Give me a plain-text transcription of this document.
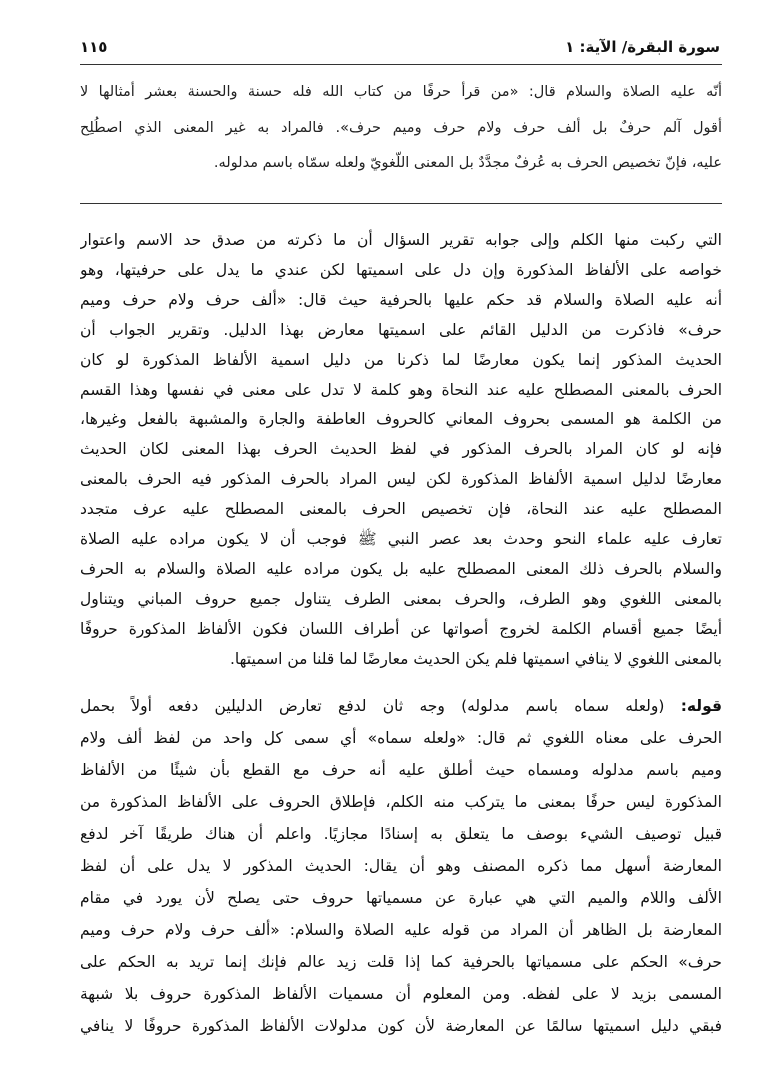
سورة البقرة/ الآية: ١
١١٥
أنّه عليه الصلاة والسلام قال: «من قرأ حرفًا من كتاب الله فله حسنة والحسنة بعشر أمثالها لا
أقول آلم حرفٌ بل ألف حرف ولام حرف وميم حرف». فالمراد به غير المعنى الذي اصطُلِح
عليه، فإنّ تخصيص الحرف به عُرفٌ مجدَّدٌ بل المعنى اللّغويّ ولعله سمّاه باسم مدلوله.
التي ركبت منها الكلم وإلى جوابه تقرير السؤال أن ما ذكرته من صدق حد الاسم واعتوار
خواصه على الألفاظ المذكورة وإن دل على اسميتها لكن عندي ما يدل على حرفيتها، وهو
أنه عليه الصلاة والسلام قد حكم عليها بالحرفية حيث قال: «ألف حرف ولام حرف وميم
حرف» فاذكرت من الدليل القائم على اسميتها معارض بهذا الدليل. وتقرير الجواب أن
الحديث المذكور إنما يكون معارضًا لما ذكرنا من دليل اسمية الألفاظ المذكورة لو كان
الحرف بالمعنى المصطلح عليه عند النحاة وهو كلمة لا تدل على معنى في نفسها وهذا القسم
من الكلمة هو المسمى بحروف المعاني كالحروف العاطفة والجارة والمشبهة بالفعل وغيرها،
فإنه لو كان المراد بالحرف المذكور في لفظ الحديث الحرف بهذا المعنى لكان الحديث
معارضًا لدليل اسمية الألفاظ المذكورة لكن ليس المراد بالحرف المذكور فيه الحرف بالمعنى
المصطلح عليه عند النحاة، فإن تخصيص الحرف بالمعنى المصطلح عليه عرف متجدد
تعارف عليه علماء النحو وحدث بعد عصر النبي ﷺ فوجب أن لا يكون مراده عليه الصلاة
والسلام بالحرف ذلك المعنى المصطلح عليه بل يكون مراده عليه الصلاة والسلام به الحرف
بالمعنى اللغوي وهو الطرف، والحرف بمعنى الطرف يتناول جميع حروف المباني ويتناول
أيضًا جميع أقسام الكلمة لخروج أصواتها عن أطراف اللسان فكون الألفاظ المذكورة حروفًا
بالمعنى اللغوي لا ينافي اسميتها فلم يكن الحديث معارضًا لما قلنا من اسميتها.
قوله: (ولعله سماه باسم مدلوله) وجه ثان لدفع تعارض الدليلين دفعه أولاً بحمل
الحرف على معناه اللغوي ثم قال: «ولعله سماه» أي سمى كل واحد من لفظ ألف ولام
وميم باسم مدلوله ومسماه حيث أطلق عليه أنه حرف مع القطع بأن شيئًا من الألفاظ
المذكورة ليس حرفًا بمعنى ما يتركب منه الكلم، فإطلاق الحروف على الألفاظ المذكورة من
قبيل توصيف الشيء بوصف ما يتعلق به إسنادًا مجازيًا. واعلم أن هناك طريقًا آخر لدفع
المعارضة أسهل مما ذكره المصنف وهو أن يقال: الحديث المذكور لا يدل على أن لفظ
الألف واللام والميم التي هي عبارة عن مسمياتها حروف حتى يصلح لأن يورد في مقام
المعارضة بل الظاهر أن المراد من قوله عليه الصلاة والسلام: «ألف حرف ولام حرف وميم
حرف» الحكم على مسمياتها بالحرفية كما إذا قلت زيد عالم فإنك إنما تريد به الحكم على
المسمى بزيد لا على لفظه. ومن المعلوم أن مسميات الألفاظ المذكورة حروف بلا شبهة
فبقي دليل اسميتها سالمًا عن المعارضة لأن كون مدلولات الألفاظ المذكورة حروفًا لا ينافي
